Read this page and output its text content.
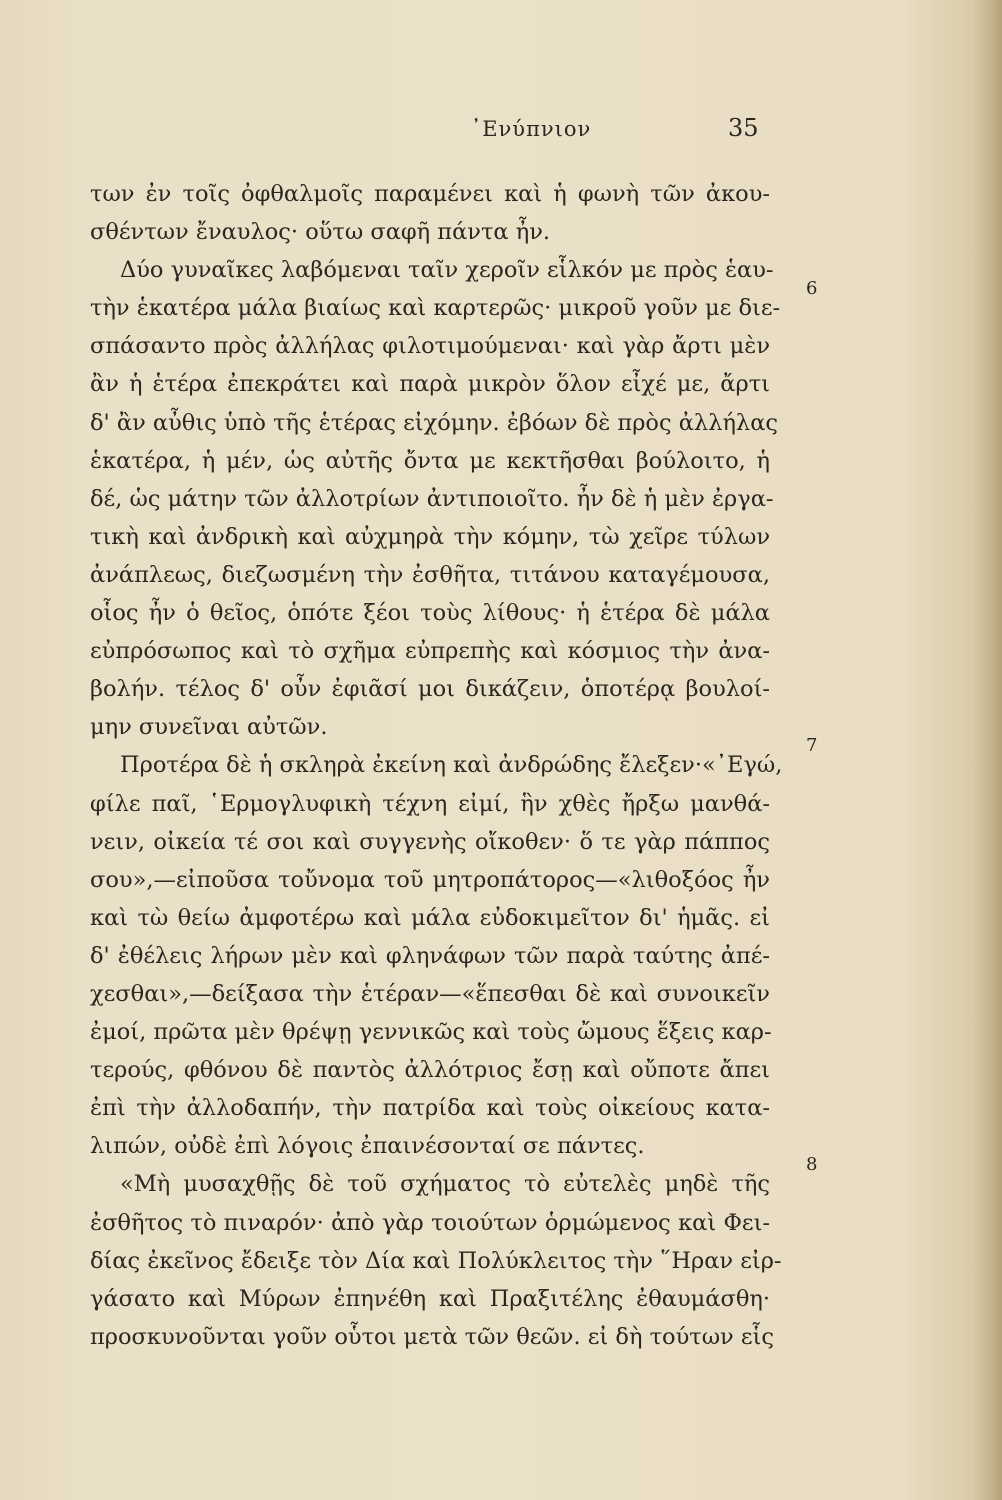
᾿Ενύπνιον	35
6
7
8
των ἐν τοῖς ὀφθαλμοῖς παραμένει καὶ ἡ φωνὴ τῶν ἀκου-
σθέντων ἔναυλος· οὕτω σαφῆ πάντα ἦν.
Δύο γυναῖκες λαβόμεναι ταῖν χεροῖν εἷλκόν με πρὸς ἑαυ-
τὴν ἑκατέρα μάλα βιαίως καὶ καρτερῶς· μικροῦ γοῦν με διε-
σπάσαντο πρὸς ἀλλήλας φιλοτιμούμεναι· καὶ γὰρ ἄρτι μὲν
ἂν ἡ ἑτέρα ἐπεκράτει καὶ παρὰ μικρὸν ὅλον εἶχέ με, ἄρτι
δ' ἂν αὖθις ὑπὸ τῆς ἑτέρας εἰχόμην. ἐβόων δὲ πρὸς ἀλλήλας
ἑκατέρα, ἡ μέν, ὡς αὐτῆς ὄντα με κεκτῆσθαι βούλοιτο, ἡ
δέ, ὡς μάτην τῶν ἀλλοτρίων ἀντιποιοῖτο. ἦν δὲ ἡ μὲν ἐργα-
τικὴ καὶ ἀνδρικὴ καὶ αὐχμηρὰ τὴν κόμην, τὼ χεῖρε τύλων
ἀνάπλεως, διεζωσμένη τὴν ἐσθῆτα, τιτάνου καταγέμουσα,
οἷος ἦν ὁ θεῖος, ὁπότε ξέοι τοὺς λίθους· ἡ ἑτέρα δὲ μάλα
εὐπρόσωπος καὶ τὸ σχῆμα εὐπρεπὴς καὶ κόσμιος τὴν ἀνα-
βολήν. τέλος δ' οὖν ἐφιᾶσί μοι δικάζειν, ὁποτέρᾳ βουλοί-
μην συνεῖναι αὐτῶν.
Προτέρα δὲ ἡ σκληρὰ ἐκείνη καὶ ἀνδρώδης ἔλεξεν·«᾿Εγώ,
φίλε παῖ, ῾Ερμογλυφικὴ τέχνη εἰμί, ἣν χθὲς ἤρξω μανθά-
νειν, οἰκεία τέ σοι καὶ συγγενὴς οἴκοθεν· ὅ τε γὰρ πάππος
σου»,—εἰποῦσα τοὔνομα τοῦ μητροπάτορος—«λιθοξόος ἦν
καὶ τὼ θείω ἀμφοτέρω καὶ μάλα εὐδοκιμεῖτον δι' ἡμᾶς. εἰ
δ' ἐθέλεις λήρων μὲν καὶ φληνάφων τῶν παρὰ ταύτης ἀπέ-
χεσθαι»,—δείξασα τὴν ἑτέραν—«ἕπεσθαι δὲ καὶ συνοικεῖν
ἐμοί, πρῶτα μὲν θρέψῃ γεννικῶς καὶ τοὺς ὤμους ἕξεις καρ-
τερούς, φθόνου δὲ παντὸς ἀλλότριος ἔσῃ καὶ οὔποτε ἄπει
ἐπὶ τὴν ἀλλοδαπήν, τὴν πατρίδα καὶ τοὺς οἰκείους κατα-
λιπών, οὐδὲ ἐπὶ λόγοις ἐπαινέσονταί σε πάντες.
«Μὴ μυσαχθῇς δὲ τοῦ σχήματος τὸ εὐτελὲς μηδὲ τῆς
ἐσθῆτος τὸ πιναρόν· ἀπὸ γὰρ τοιούτων ὁρμώμενος καὶ Φει-
δίας ἐκεῖνος ἔδειξε τὸν Δία καὶ Πολύκλειτος τὴν ῞Ηραν εἰρ-
γάσατο καὶ Μύρων ἐπηνέθη καὶ Πραξιτέλης ἐθαυμάσθη·
προσκυνοῦνται γοῦν οὗτοι μετὰ τῶν θεῶν. εἰ δὴ τούτων εἷς
